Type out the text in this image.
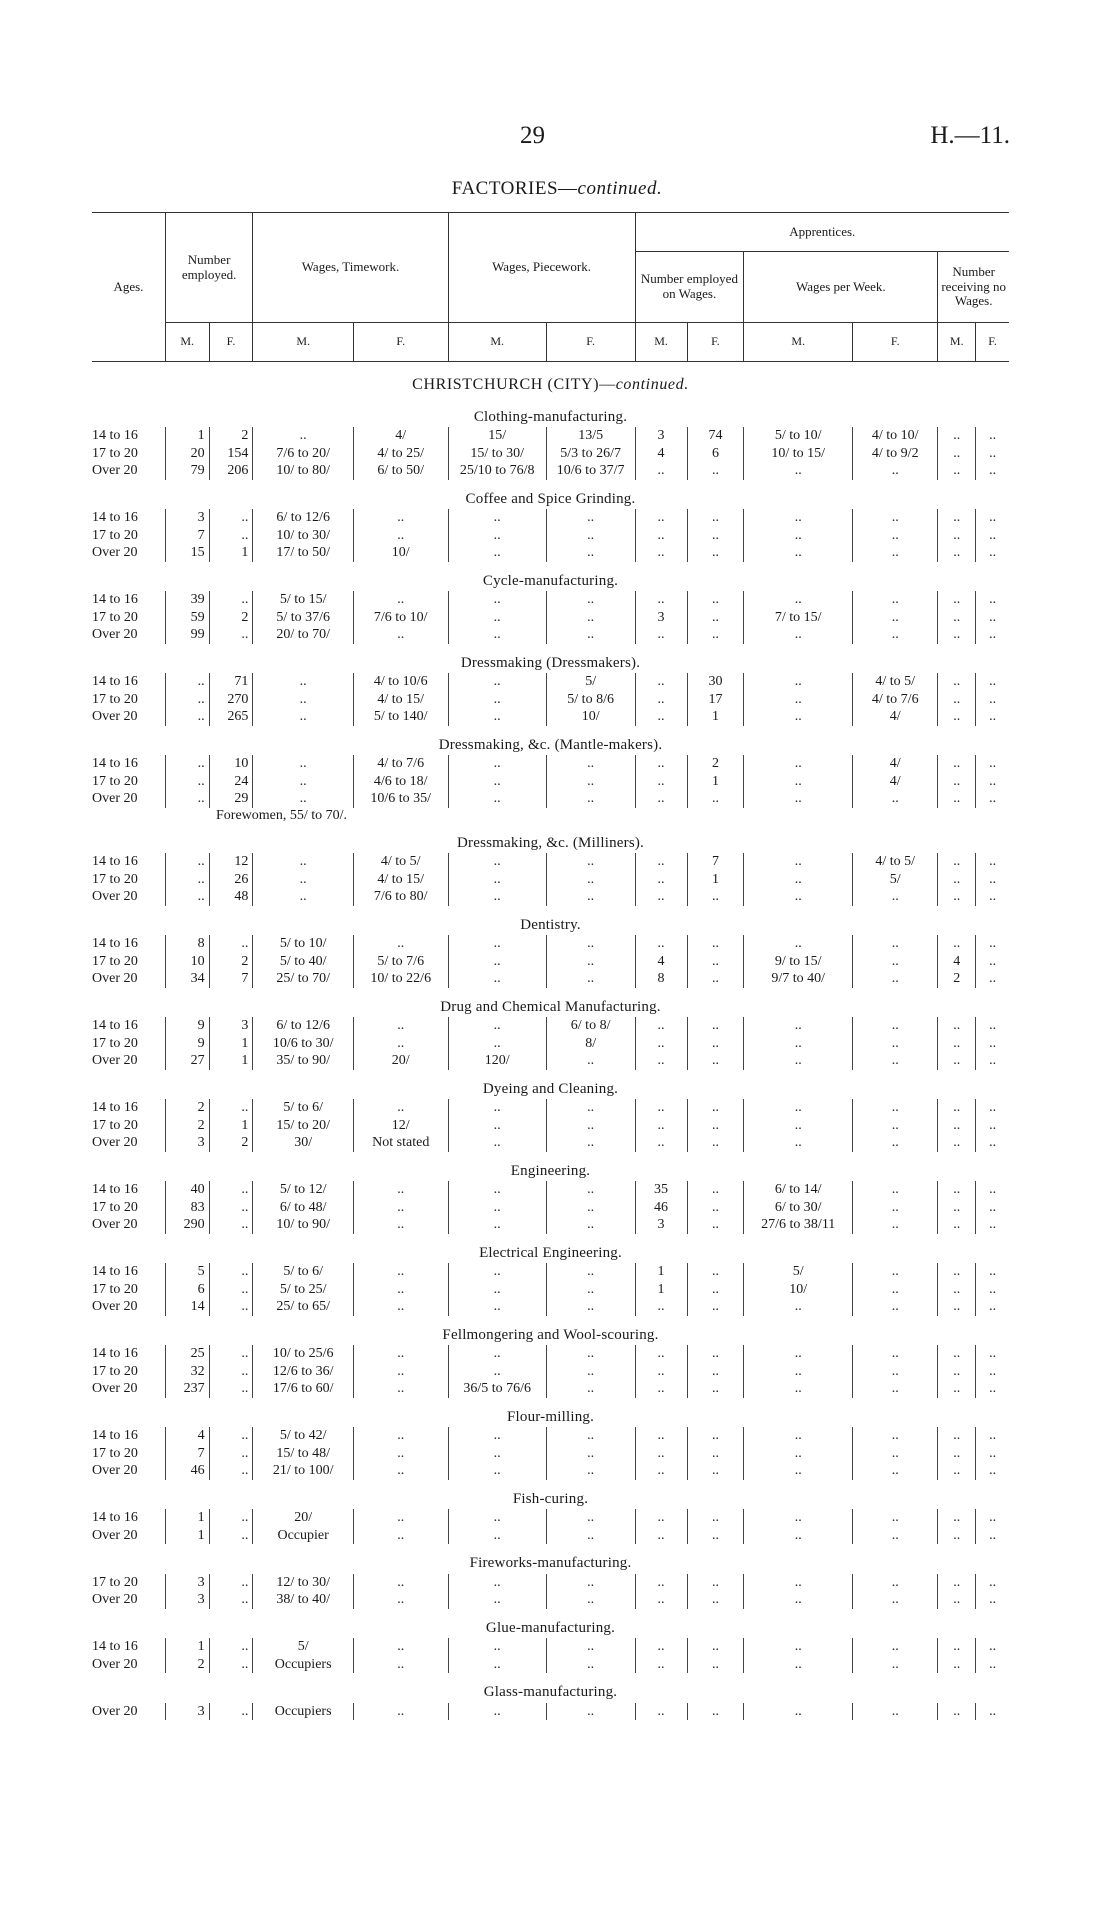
29	H.—11.
FACTORIES—continued.
Ages.	Number employed.		Wages, Timework.		Wages, Piecework.		Apprentices.					
							Number employed on Wages.		Wages per Week.		Number receiving no Wages.	
	M.	F.	M.	F.	M.	F.	M.	F.	M.	F.	M.	F.
CHRISTCHURCH (CITY)—continued.												
Clothing-manufacturing.												
14 to 16	1	2	..	4/	15/	13/5	3	74	5/ to 10/	4/ to 10/	..	..
17 to 20	20	154	7/6 to 20/	4/ to 25/	15/ to 30/	5/3 to 26/7	4	6	10/ to 15/	4/ to 9/2	..	..
Over 20	79	206	10/ to 80/	6/ to 50/	25/10 to 76/8	10/6 to 37/7	..	..	..	..	..	..
Coffee and Spice Grinding.												
14 to 16	3	..	6/ to 12/6	..	..	..	..	..	..	..	..	..
17 to 20	7	..	10/ to 30/	..	..	..	..	..	..	..	..	..
Over 20	15	1	17/ to 50/	10/	..	..	..	..	..	..	..	..
Cycle-manufacturing.												
14 to 16	39	..	5/ to 15/	..	..	..	..	..	..	..	..	..
17 to 20	59	2	5/ to 37/6	7/6 to 10/	..	..	3	..	7/ to 15/	..	..	..
Over 20	99	..	20/ to 70/	..	..	..	..	..	..	..	..	..
Dressmaking (Dressmakers).												
14 to 16	..	71	..	4/ to 10/6	..	5/	..	30	..	4/ to 5/	..	..
17 to 20	..	270	..	4/ to 15/	..	5/ to 8/6	..	17	..	4/ to 7/6	..	..
Over 20	..	265	..	5/ to 140/	..	10/	..	1	..	4/	..	..
Dressmaking, &c. (Mantle-makers).												
14 to 16	..	10	..	4/ to 7/6	..	..	..	2	..	4/	..	..
17 to 20	..	24	..	4/6 to 18/	..	..	..	1	..	4/	..	..
Over 20	..	29	..	10/6 to 35/	..	..	..	..	..	..	..	..
Forewomen, 55/ to 70/.												
Dressmaking, &c. (Milliners).												
14 to 16	..	12	..	4/ to 5/	..	..	..	7	..	4/ to 5/	..	..
17 to 20	..	26	..	4/ to 15/	..	..	..	1	..	5/	..	..
Over 20	..	48	..	7/6 to 80/	..	..	..	..	..	..	..	..
Dentistry.												
14 to 16	8	..	5/ to 10/	..	..	..	..	..	..	..	..	..
17 to 20	10	2	5/ to 40/	5/ to 7/6	..	..	4	..	9/ to 15/	..	4	..
Over 20	34	7	25/ to 70/	10/ to 22/6	..	..	8	..	9/7 to 40/	..	2	..
Drug and Chemical Manufacturing.												
14 to 16	9	3	6/ to 12/6	..	..	6/ to 8/	..	..	..	..	..	..
17 to 20	9	1	10/6 to 30/	..	..	8/	..	..	..	..	..	..
Over 20	27	1	35/ to 90/	20/	120/	..	..	..	..	..	..	..
Dyeing and Cleaning.												
14 to 16	2	..	5/ to 6/	..	..	..	..	..	..	..	..	..
17 to 20	2	1	15/ to 20/	12/	..	..	..	..	..	..	..	..
Over 20	3	2	30/	Not stated	..	..	..	..	..	..	..	..
Engineering.												
14 to 16	40	..	5/ to 12/	..	..	..	35	..	6/ to 14/	..	..	..
17 to 20	83	..	6/ to 48/	..	..	..	46	..	6/ to 30/	..	..	..
Over 20	290	..	10/ to 90/	..	..	..	3	..	27/6 to 38/11	..	..	..
Electrical Engineering.												
14 to 16	5	..	5/ to 6/	..	..	..	1	..	5/	..	..	..
17 to 20	6	..	5/ to 25/	..	..	..	1	..	10/	..	..	..
Over 20	14	..	25/ to 65/	..	..	..	..	..	..	..	..	..
Fellmongering and Wool-scouring.												
14 to 16	25	..	10/ to 25/6	..	..	..	..	..	..	..	..	..
17 to 20	32	..	12/6 to 36/	..	..	..	..	..	..	..	..	..
Over 20	237	..	17/6 to 60/	..	36/5 to 76/6	..	..	..	..	..	..	..
Flour-milling.												
14 to 16	4	..	5/ to 42/	..	..	..	..	..	..	..	..	..
17 to 20	7	..	15/ to 48/	..	..	..	..	..	..	..	..	..
Over 20	46	..	21/ to 100/	..	..	..	..	..	..	..	..	..
Fish-curing.												
14 to 16	1	..	20/	..	..	..	..	..	..	..	..	..
Over 20	1	..	Occupier	..	..	..	..	..	..	..	..	..
Fireworks-manufacturing.												
17 to 20	3	..	12/ to 30/	..	..	..	..	..	..	..	..	..
Over 20	3	..	38/ to 40/	..	..	..	..	..	..	..	..	..
Glue-manufacturing.												
14 to 16	1	..	5/	..	..	..	..	..	..	..	..	..
Over 20	2	..	Occupiers	..	..	..	..	..	..	..	..	..
Glass-manufacturing.												
Over 20	3	..	Occupiers	..	..	..	..	..	..	..	..	..
